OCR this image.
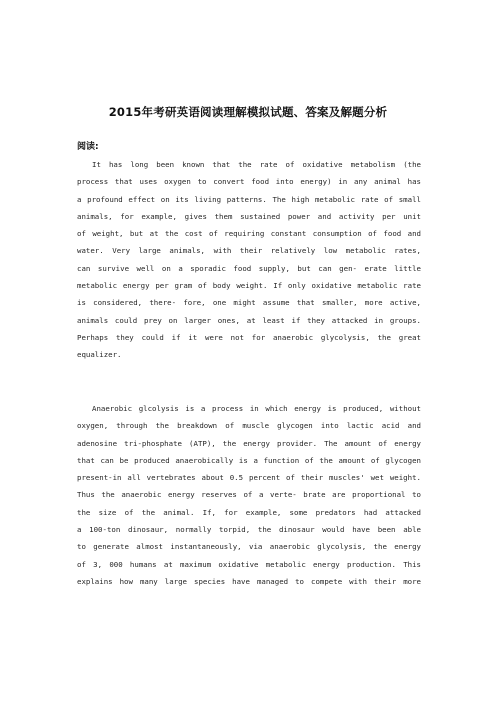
2015年考研英语阅读理解模拟试题、答案及解题分析

阅读:

It has long been known that the rate of oxidative metabolism (the
process that uses oxygen to convert food into energy) in any animal has
a profound effect on its living patterns. The high metabolic rate of small
animals, for example, gives them sustained power and activity per unit
of weight, but at the cost of requiring constant consumption of food and
water. Very large animals, with their relatively low metabolic rates,
can survive well on a sporadic food supply, but can gen- erate little
metabolic energy per gram of body weight. If only oxidative metabolic rate
is considered, there- fore, one might assume that smaller, more active,
animals could prey on larger ones, at least if they attacked in groups.
Perhaps they could if it were not for anaerobic glycolysis, the great
equalizer.
Anaerobic glcolysis is a process in which energy is produced, without
oxygen, through the breakdown of muscle glycogen into lactic acid and
adenosine tri-phosphate (ATP), the energy provider. The amount of energy
that can be produced anaerobically is a function of the amount of glycogen
present-in all vertebrates about 0.5 percent of their muscles' wet weight.
Thus the anaerobic energy reserves of a verte- brate are proportional to
the size of the animal. If, for example, some predators had attacked
a 100-ton dinosaur, normally torpid, the dinosaur would have been able
to generate almost instantaneously, via anaerobic glycolysis, the energy
of 3, 000 humans at maximum oxidative metabolic energy production. This
explains how many large species have managed to compete with their more
